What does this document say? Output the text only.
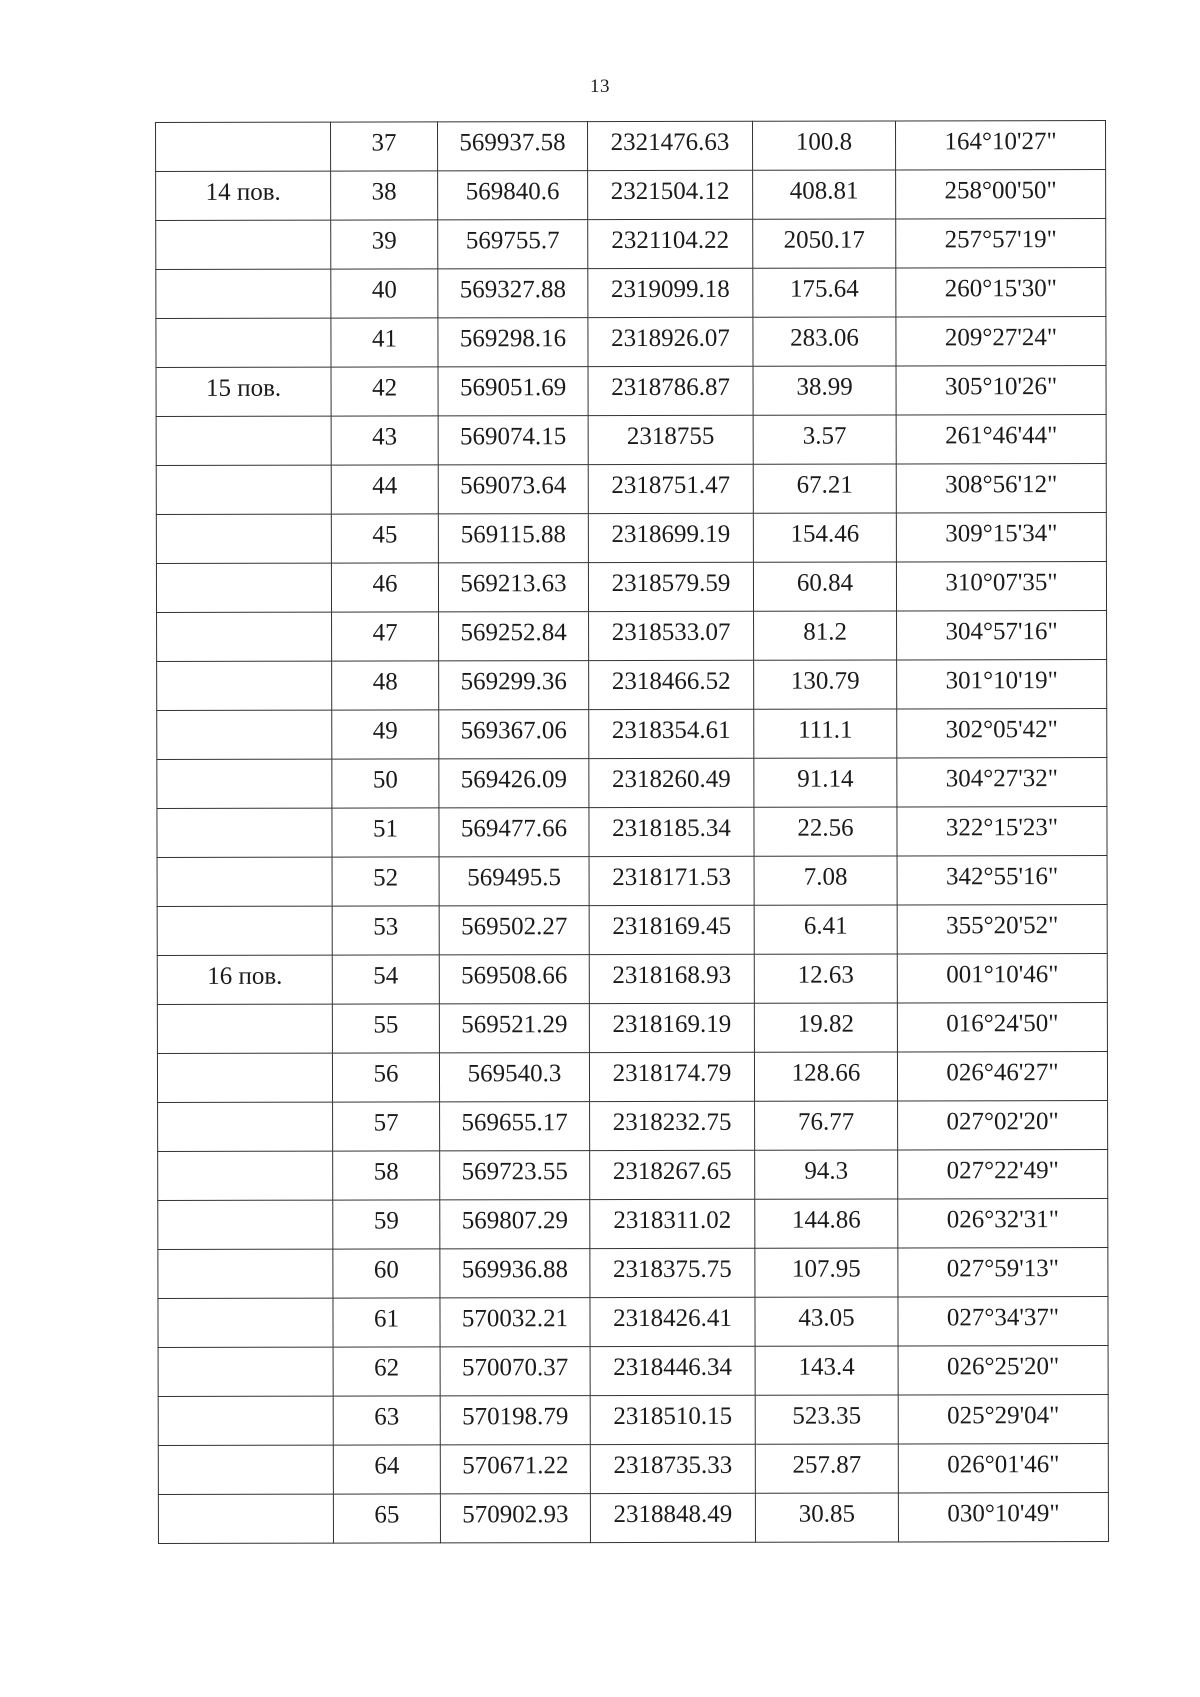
13
	37	569937.58	2321476.63	100.8	164°10'27"
14 пов.	38	569840.6	2321504.12	408.81	258°00'50"
	39	569755.7	2321104.22	2050.17	257°57'19"
	40	569327.88	2319099.18	175.64	260°15'30"
	41	569298.16	2318926.07	283.06	209°27'24"
15 пов.	42	569051.69	2318786.87	38.99	305°10'26"
	43	569074.15	2318755	3.57	261°46'44"
	44	569073.64	2318751.47	67.21	308°56'12"
	45	569115.88	2318699.19	154.46	309°15'34"
	46	569213.63	2318579.59	60.84	310°07'35"
	47	569252.84	2318533.07	81.2	304°57'16"
	48	569299.36	2318466.52	130.79	301°10'19"
	49	569367.06	2318354.61	111.1	302°05'42"
	50	569426.09	2318260.49	91.14	304°27'32"
	51	569477.66	2318185.34	22.56	322°15'23"
	52	569495.5	2318171.53	7.08	342°55'16"
	53	569502.27	2318169.45	6.41	355°20'52"
16 пов.	54	569508.66	2318168.93	12.63	001°10'46"
	55	569521.29	2318169.19	19.82	016°24'50"
	56	569540.3	2318174.79	128.66	026°46'27"
	57	569655.17	2318232.75	76.77	027°02'20"
	58	569723.55	2318267.65	94.3	027°22'49"
	59	569807.29	2318311.02	144.86	026°32'31"
	60	569936.88	2318375.75	107.95	027°59'13"
	61	570032.21	2318426.41	43.05	027°34'37"
	62	570070.37	2318446.34	143.4	026°25'20"
	63	570198.79	2318510.15	523.35	025°29'04"
	64	570671.22	2318735.33	257.87	026°01'46"
	65	570902.93	2318848.49	30.85	030°10'49"
